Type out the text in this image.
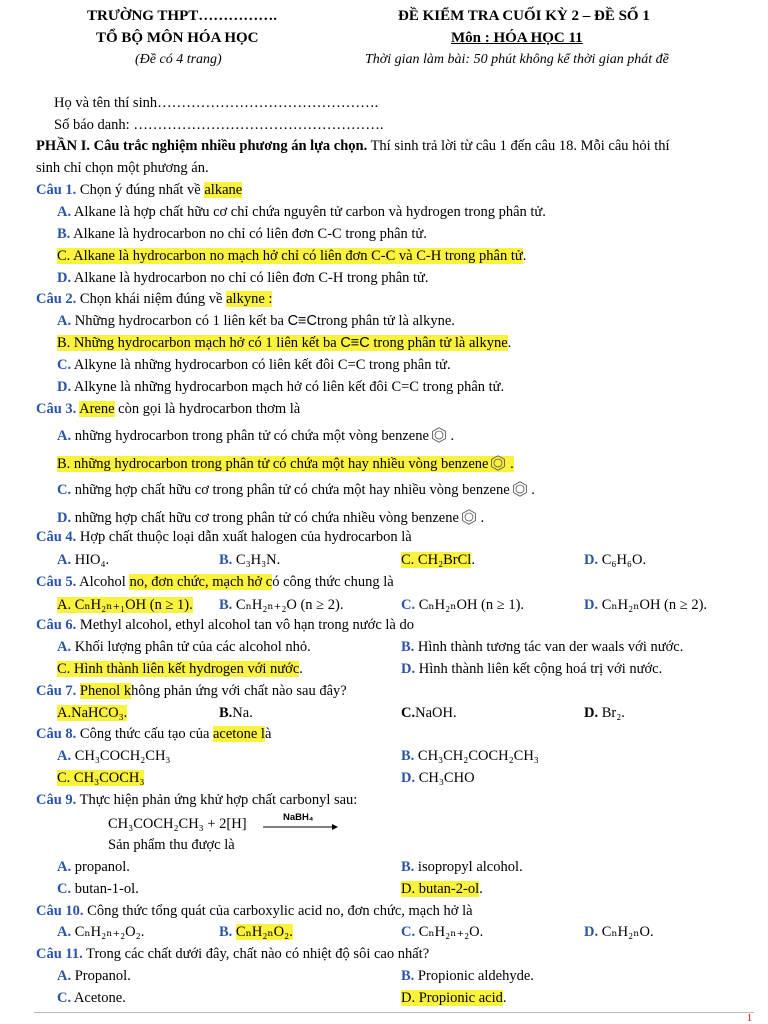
TRƯỜNG THPT…………….
TỔ BỘ MÔN HÓA HỌC
(Đề có 4 trang)
ĐỀ KIỂM TRA CUỐI KỲ 2 – ĐỀ SỐ 1
Môn : HÓA HỌC 11
Thời gian làm bài: 50 phút không kể thời gian phát đề
Họ và tên thí sinh……………………………………….
Số báo danh: …………………………………………….
PHẦN I. Câu trắc nghiệm nhiều phương án lựa chọn. Thí sinh trả lời từ câu 1 đến câu 18. Mỗi câu hỏi thí
sinh chỉ chọn một phương án.
Câu 1. Chọn ý đúng nhất về alkane
A. Alkane là hợp chất hữu cơ chỉ chứa nguyên tử carbon và hydrogen trong phân tử.
B. Alkane là hydrocarbon no chỉ có liên đơn C-C trong phân tử.
C. Alkane là hydrocarbon no mạch hở chỉ có liên đơn C-C và C-H trong phân tử.
D. Alkane là hydrocarbon no chỉ có liên đơn C-H trong phân tử.
Câu 2. Chọn khái niệm đúng về alkyne :
A. Những hydrocarbon có 1 liên kết ba C≡Ctrong phân tử là alkyne.
B. Những hydrocarbon mạch hở có 1 liên kết ba C≡C trong phân tử là alkyne.
C. Alkyne là những hydrocarbon có liên kết đôi C=C trong phân tử.
D. Alkyne là những hydrocarbon mạch hở có liên kết đôi C=C trong phân tử.
Câu 3. Arene còn gọi là hydrocarbon thơm là
A. những hydrocarbon trong phân tử có chứa một vòng benzene .
B. những hydrocarbon trong phân tử có chứa một hay nhiều vòng benzene .
C. những hợp chất hữu cơ trong phân tử có chứa một hay nhiều vòng benzene .
D. những hợp chất hữu cơ trong phân tử có chứa nhiều vòng benzene .
Câu 4. Hợp chất thuộc loại dẫn xuất halogen của hydrocarbon là
A. HIO₄.	B. C₃H₃N.	C. CH₂BrCl.	D. C₆H₆O.
Câu 5. Alcohol no, đơn chức, mạch hở có công thức chung là
A. CₙH₂ₙ₊₁OH (n ≥ 1). B. CₙH₂ₙ₊₂O (n ≥ 2).	C. CₙH₂ₙOH (n ≥ 1).	D. CₙH₂ₙOH (n ≥ 2).
Câu 6. Methyl alcohol, ethyl alcohol tan vô hạn trong nước là do
A. Khối lượng phân tử của các alcohol nhỏ.	B. Hình thành tương tác van der waals với nước.
C. Hình thành liên kết hydrogen với nước.	D. Hình thành liên kết cộng hoá trị với nước.
Câu 7. Phenol không phản ứng với chất nào sau đây?
A.NaHCO₃.	B.Na.	C.NaOH.	D. Br₂.
Câu 8. Công thức cấu tạo của acetone là
A. CH₃COCH₂CH₃	B. CH₃CH₂COCH₂CH₃
C. CH₃COCH₃	D. CH₃CHO
Câu 9. Thực hiện phản ứng khử hợp chất carbonyl sau:
CH₃COCH₂CH₃ + 2[H]	NaBH₄
Sản phẩm thu được là
A. propanol.	B. isopropyl alcohol.
C. butan-1-ol.	D. butan-2-ol.
Câu 10. Công thức tổng quát của carboxylic acid no, đơn chức, mạch hở là
A. CₙH₂ₙ₊₂O₂.	B. CₙH₂ₙO₂.	C. CₙH₂ₙ₊₂O.	D. CₙH₂ₙO.
Câu 11. Trong các chất dưới đây, chất nào có nhiệt độ sôi cao nhất?
A. Propanol.	B. Propionic aldehyde.
C. Acetone.	D. Propionic acid.
1
